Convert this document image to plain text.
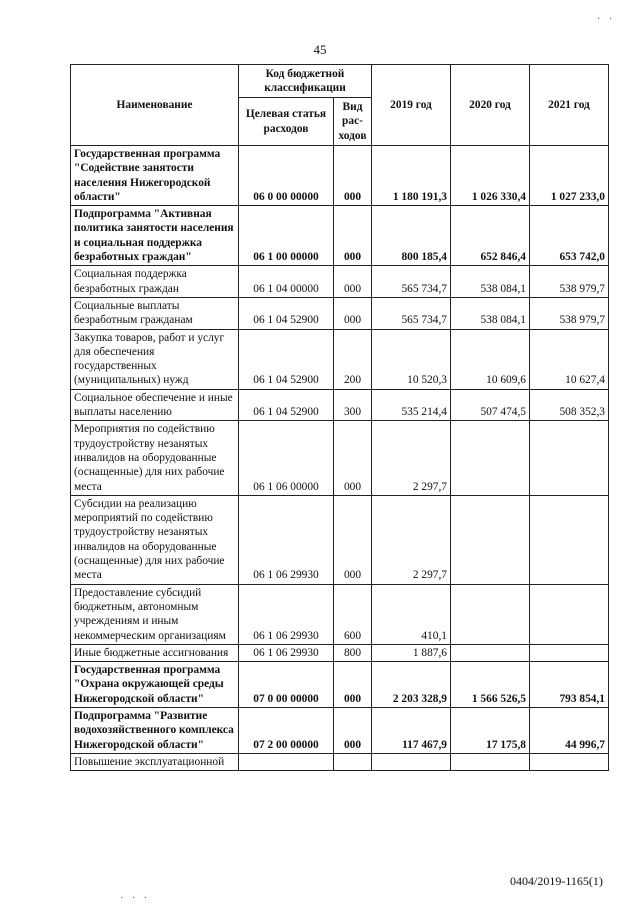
45
Наименование	Код бюджетной классификации		2019 год	2020 год	2021 год
	Целевая статья расходов	Вид рас-ходов			
Государственная программа "Содействие занятости населения Нижегородской области"	06 0 00 00000	000	1 180 191,3	1 026 330,4	1 027 233,0
Подпрограмма "Активная политика занятости населения и социальная поддержка безработных граждан"	06 1 00 00000	000	800 185,4	652 846,4	653 742,0
Социальная поддержка безработных граждан	06 1 04 00000	000	565 734,7	538 084,1	538 979,7
Социальные выплаты безработным гражданам	06 1 04 52900	000	565 734,7	538 084,1	538 979,7
Закупка товаров, работ и услуг для обеспечения государственных (муниципальных) нужд	06 1 04 52900	200	10 520,3	10 609,6	10 627,4
Социальное обеспечение и иные выплаты населению	06 1 04 52900	300	535 214,4	507 474,5	508 352,3
Мероприятия по содействию трудоустройству незанятых инвалидов на оборудованные (оснащенные) для них рабочие места	06 1 06 00000	000	2 297,7		
Субсидии на реализацию мероприятий по содействию трудоустройству незанятых инвалидов на оборудованные (оснащенные) для них рабочие места	06 1 06 29930	000	2 297,7		
Предоставление субсидий бюджетным, автономным учреждениям и иным некоммерческим организациям	06 1 06 29930	600	410,1		
Иные бюджетные ассигнования	06 1 06 29930	800	1 887,6		
Государственная программа "Охрана окружающей среды Нижегородской области"	07 0 00 00000	000	2 203 328,9	1 566 526,5	793 854,1
Подпрограмма "Развитие водохозяйственного комплекса Нижегородской области"	07 2 00 00000	000	117 467,9	17 175,8	44 996,7
Повышение эксплуатационной					
0404/2019-1165(1)
· ·
· · ·
